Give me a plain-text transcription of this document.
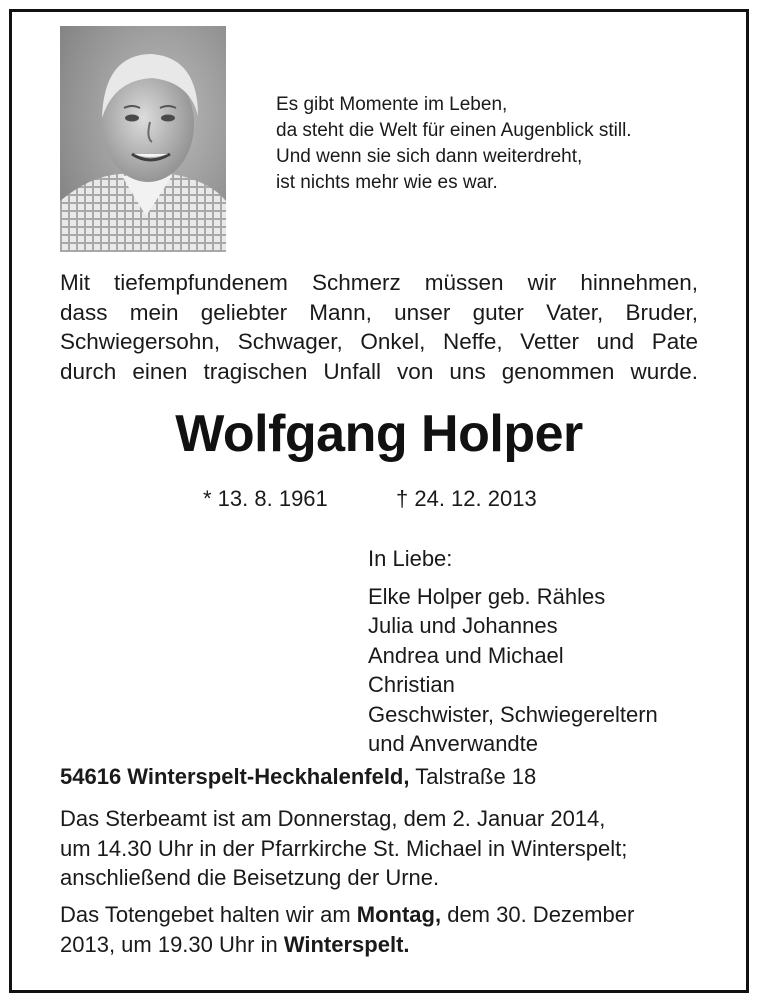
Es gibt Momente im Leben,
da steht die Welt für einen Augenblick still.
Und wenn sie sich dann weiterdreht,
ist nichts mehr wie es war.
Mit tiefempfundenem Schmerz müssen wir hinnehmen,
dass mein geliebter Mann, unser guter Vater, Bruder,
Schwiegersohn, Schwager, Onkel, Neffe, Vetter und Pate
durch einen tragischen Unfall von uns genommen wurde.
Wolfgang Holper
* 13. 8. 1961	† 24. 12. 2013
In Liebe:
Elke Holper geb. Rähles
Julia und Johannes
Andrea und Michael
Christian
Geschwister, Schwiegereltern
und Anverwandte
54616 Winterspelt-Heckhalenfeld, Talstraße 18
Das Sterbeamt ist am Donnerstag, dem 2. Januar 2014,
um 14.30 Uhr in der Pfarrkirche St. Michael in Winterspelt;
anschließend die Beisetzung der Urne.
Das Totengebet halten wir am Montag, dem 30. Dezember
2013, um 19.30 Uhr in Winterspelt.
